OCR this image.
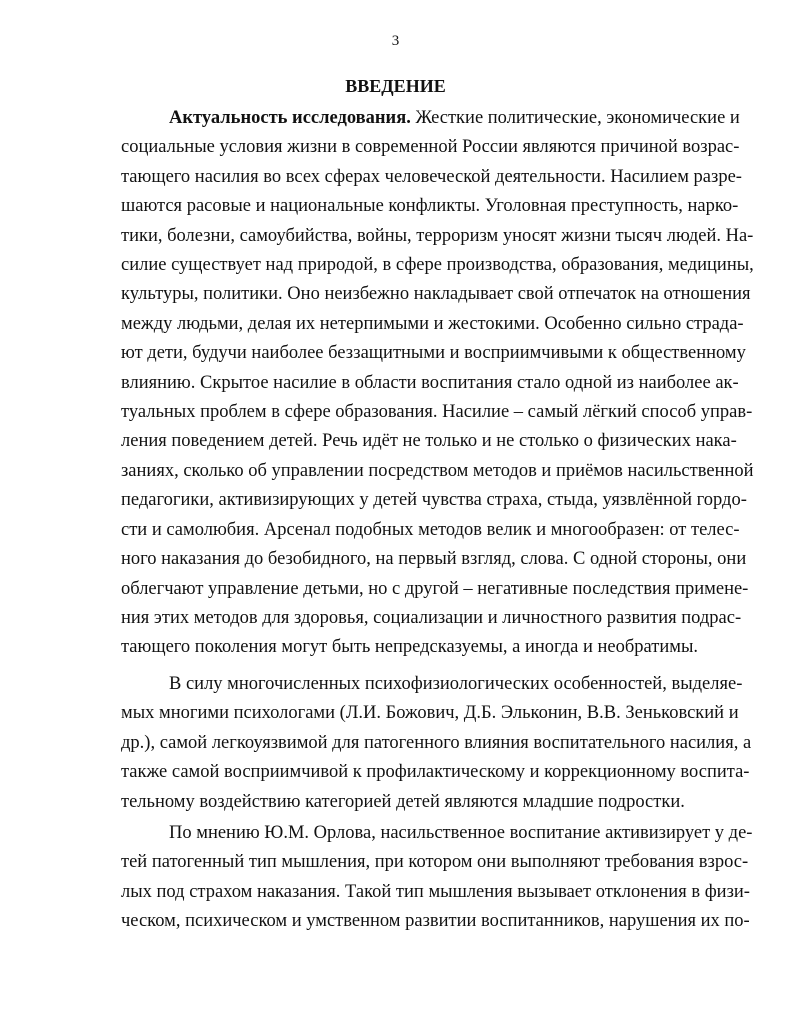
3
ВВЕДЕНИЕ
Актуальность исследования. Жесткие политические, экономические и
социальные условия жизни в современной России являются причиной возрас-
тающего насилия во всех сферах человеческой деятельности. Насилием разре-
шаются расовые и национальные конфликты. Уголовная преступность, нарко-
тики, болезни, самоубийства, войны, терроризм уносят жизни тысяч людей. На-
силие существует над природой, в сфере производства, образования, медицины,
культуры, политики. Оно неизбежно накладывает свой отпечаток на отношения
между людьми, делая их нетерпимыми и жестокими. Особенно сильно страда-
ют дети, будучи наиболее беззащитными и восприимчивыми к общественному
влиянию. Скрытое насилие в области воспитания стало одной из наиболее ак-
туальных проблем в сфере образования. Насилие – самый лёгкий способ управ-
ления поведением детей. Речь идёт не только и не столько о физических нака-
заниях, сколько об управлении посредством методов и приёмов насильственной
педагогики, активизирующих у детей чувства страха, стыда, уязвлённой гордо-
сти и самолюбия. Арсенал подобных методов велик и многообразен: от телес-
ного наказания до безобидного, на первый взгляд, слова. С одной стороны, они
облегчают управление детьми, но с другой – негативные последствия примене-
ния этих методов для здоровья, социализации и личностного развития подрас-
тающего поколения могут быть непредсказуемы, а иногда и необратимы.
В силу многочисленных психофизиологических особенностей, выделяе-
мых многими психологами (Л.И. Божович, Д.Б. Эльконин, В.В. Зеньковский и
др.), самой легкоуязвимой для патогенного влияния воспитательного насилия, а
также самой восприимчивой к профилактическому и коррекционному воспита-
тельному воздействию категорией детей являются младшие подростки.
По мнению Ю.М. Орлова, насильственное воспитание активизирует у де-
тей патогенный тип мышления, при котором они выполняют требования взрос-
лых под страхом наказания. Такой тип мышления вызывает отклонения в физи-
ческом, психическом и умственном развитии воспитанников, нарушения их по-
